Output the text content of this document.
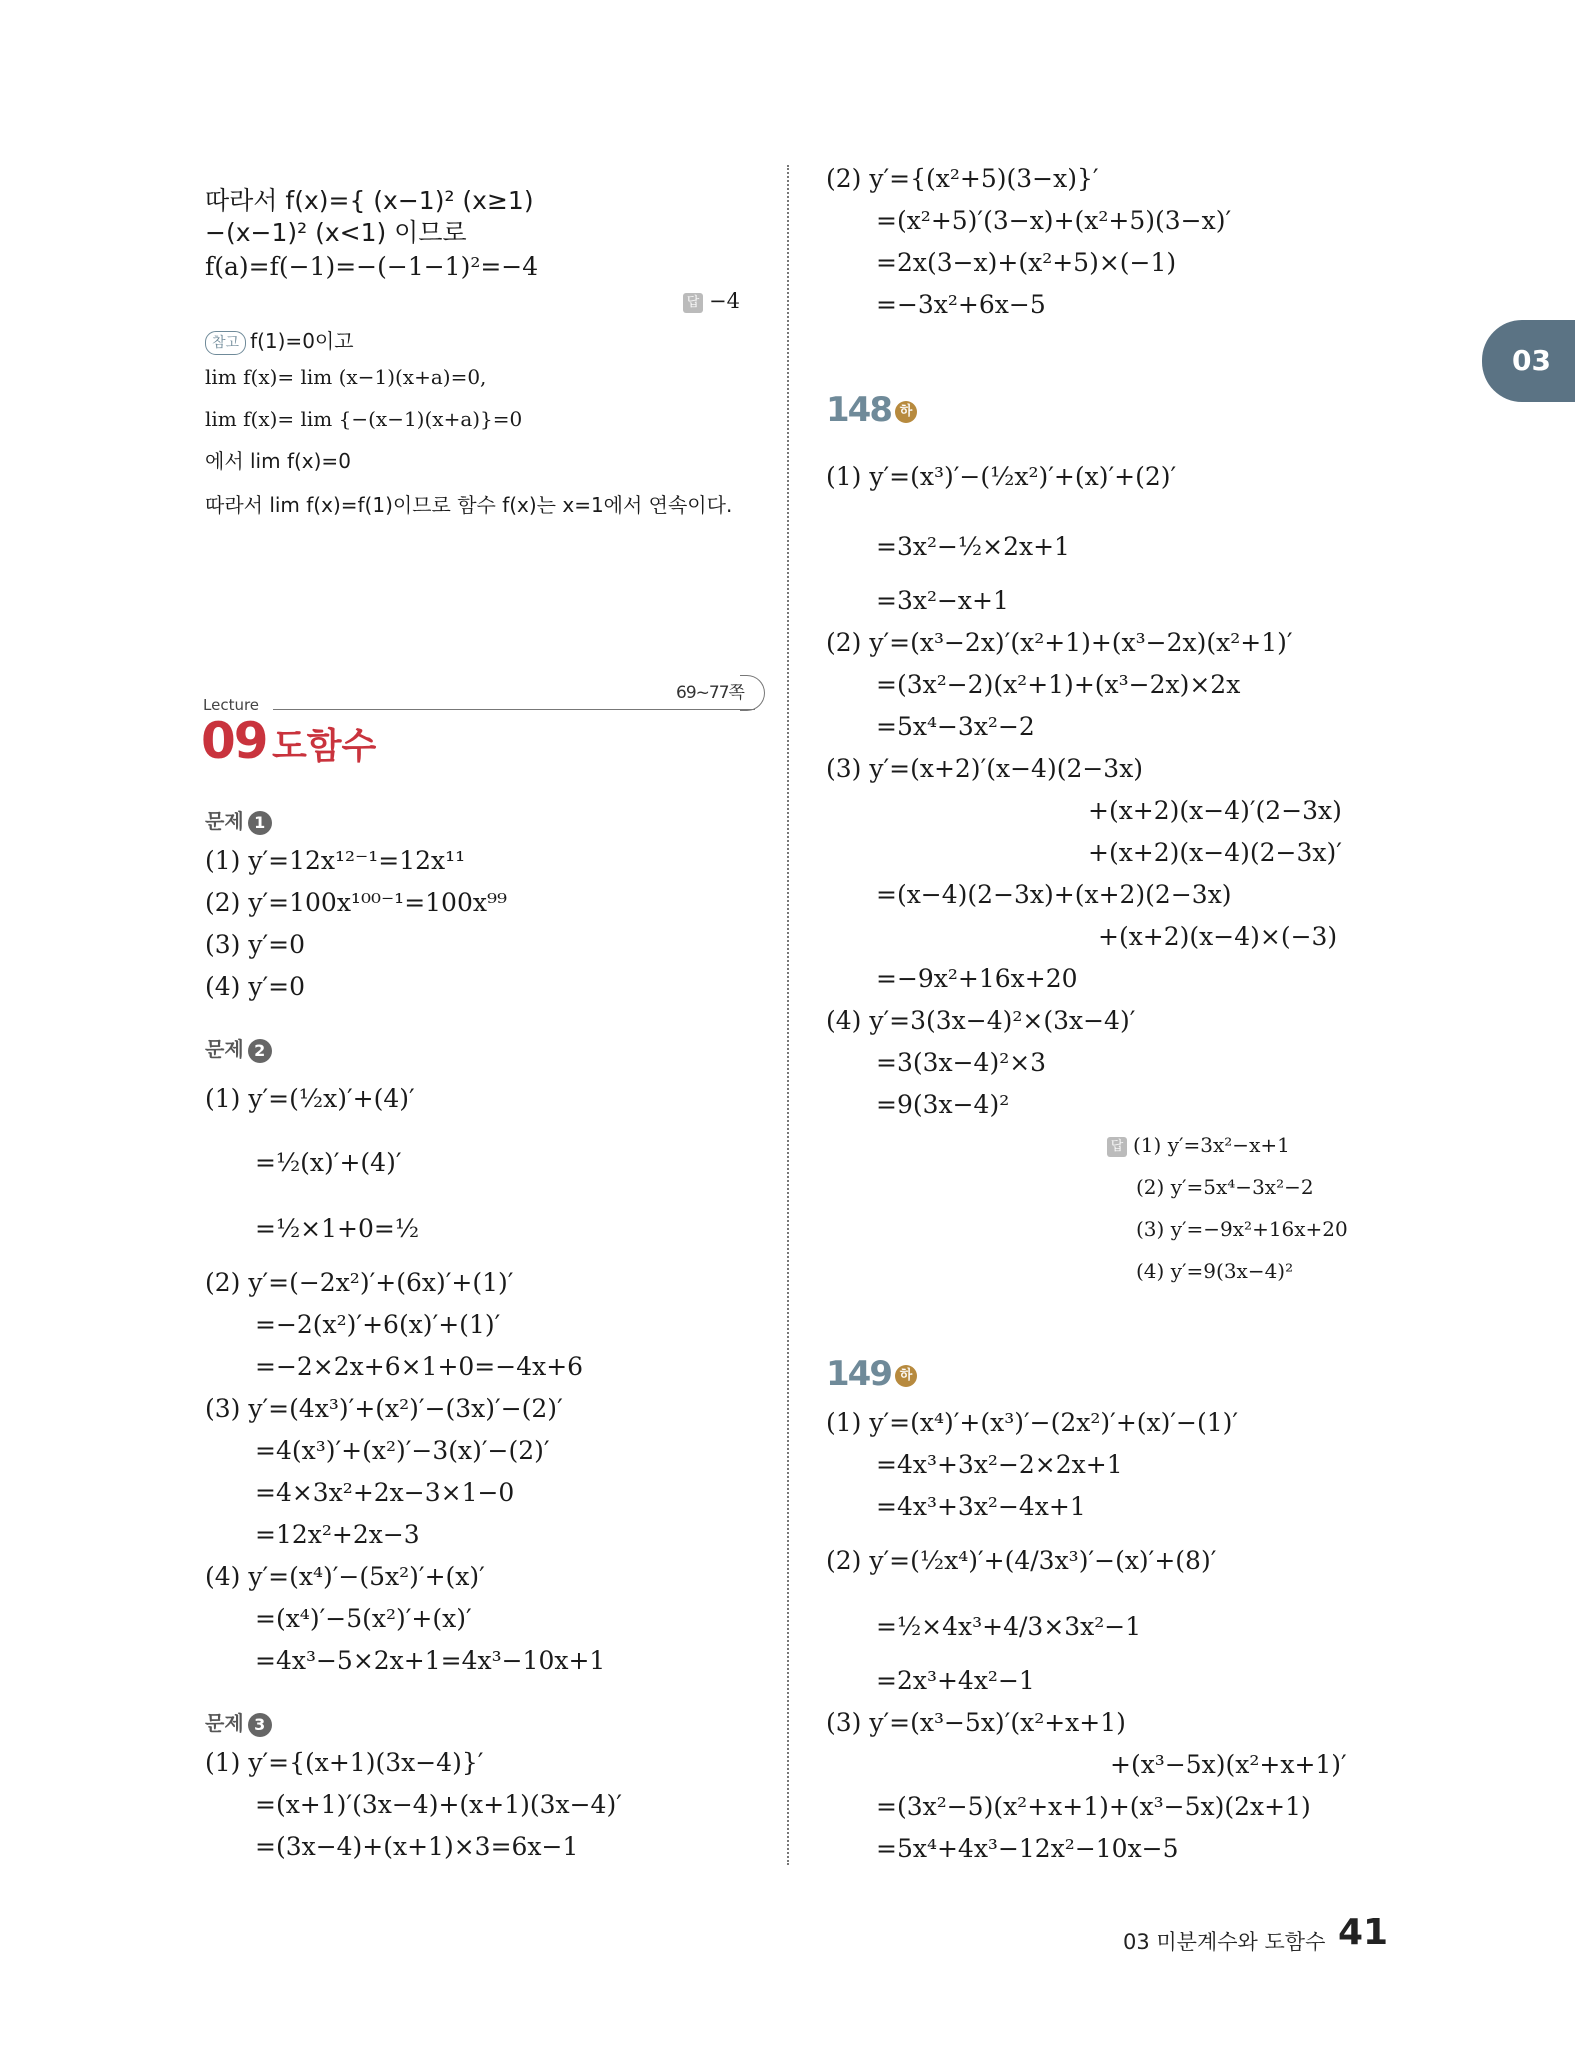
03
따라서 f(x)={ (x−1)² (x≥1)
−(x−1)² (x<1) 이므로
f(a)=f(−1)=−(−1−1)²=−4
답 −4
참고 f(1)=0이고
lim f(x)= lim (x−1)(x+a)=0,
lim f(x)= lim {−(x−1)(x+a)}=0
에서 lim f(x)=0
따라서 lim f(x)=f(1)이므로 함수 f(x)는 x=1에서 연속이다.
69~77쪽
Lecture
09 도함수
문제 1
(1) y′=12x¹²⁻¹=12x¹¹
(2) y′=100x¹⁰⁰⁻¹=100x⁹⁹
(3) y′=0
(4) y′=0
문제 2
(1) y′=(½x)′+(4)′
=½(x)′+(4)′
=½×1+0=½
(2) y′=(−2x²)′+(6x)′+(1)′
=−2(x²)′+6(x)′+(1)′
=−2×2x+6×1+0=−4x+6
(3) y′=(4x³)′+(x²)′−(3x)′−(2)′
=4(x³)′+(x²)′−3(x)′−(2)′
=4×3x²+2x−3×1−0
=12x²+2x−3
(4) y′=(x⁴)′−(5x²)′+(x)′
=(x⁴)′−5(x²)′+(x)′
=4x³−5×2x+1=4x³−10x+1
문제 3
(1) y′={(x+1)(3x−4)}′
=(x+1)′(3x−4)+(x+1)(3x−4)′
=(3x−4)+(x+1)×3=6x−1
(2) y′={(x²+5)(3−x)}′
=(x²+5)′(3−x)+(x²+5)(3−x)′
=2x(3−x)+(x²+5)×(−1)
=−3x²+6x−5
148 하
(1) y′=(x³)′−(½x²)′+(x)′+(2)′
=3x²−½×2x+1
=3x²−x+1
(2) y′=(x³−2x)′(x²+1)+(x³−2x)(x²+1)′
=(3x²−2)(x²+1)+(x³−2x)×2x
=5x⁴−3x²−2
(3) y′=(x+2)′(x−4)(2−3x)
+(x+2)(x−4)′(2−3x)
+(x+2)(x−4)(2−3x)′
=(x−4)(2−3x)+(x+2)(2−3x)
+(x+2)(x−4)×(−3)
=−9x²+16x+20
(4) y′=3(3x−4)²×(3x−4)′
=3(3x−4)²×3
=9(3x−4)²
답 (1) y′=3x²−x+1
(2) y′=5x⁴−3x²−2
(3) y′=−9x²+16x+20
(4) y′=9(3x−4)²
149 하
(1) y′=(x⁴)′+(x³)′−(2x²)′+(x)′−(1)′
=4x³+3x²−2×2x+1
=4x³+3x²−4x+1
(2) y′=(½x⁴)′+(4/3x³)′−(x)′+(8)′
=½×4x³+4/3×3x²−1
=2x³+4x²−1
(3) y′=(x³−5x)′(x²+x+1)
+(x³−5x)(x²+x+1)′
=(3x²−5)(x²+x+1)+(x³−5x)(2x+1)
=5x⁴+4x³−12x²−10x−5
03 미분계수와 도함수 41
